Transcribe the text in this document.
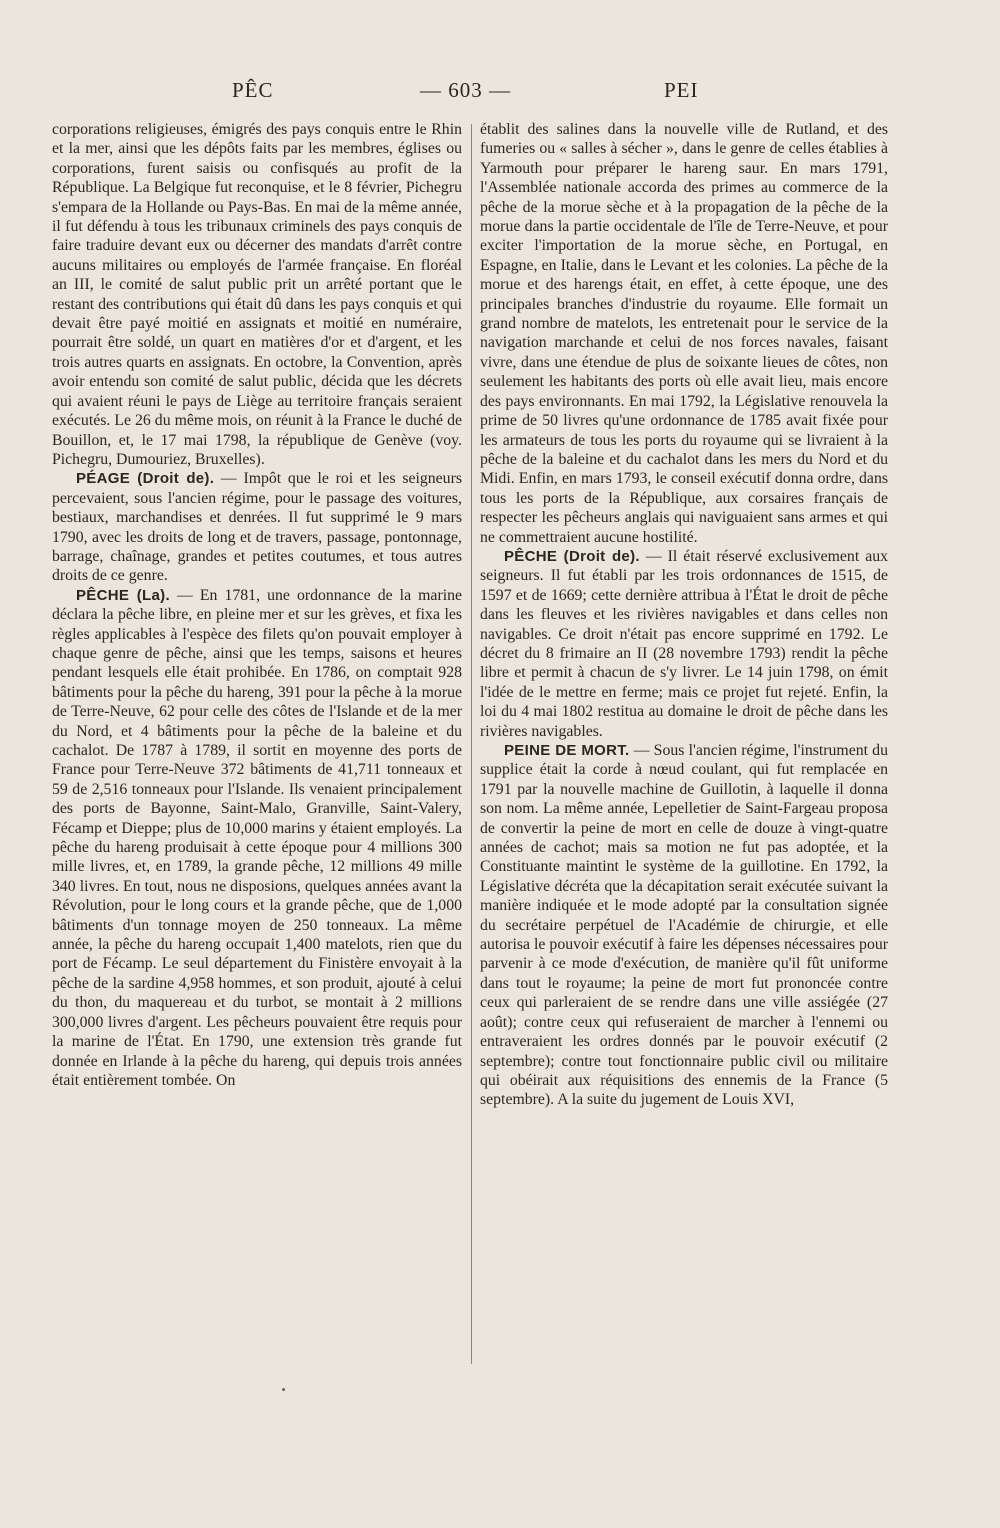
PÊC	— 603 —	PEI

corporations religieuses, émigrés des pays conquis entre le Rhin et la mer, ainsi que les dépôts faits par les membres, églises ou corporations, furent saisis ou confisqués au profit de la République. La Belgique fut reconquise, et le 8 février, Pichegru s'empara de la Hollande ou Pays-Bas. En mai de la même année, il fut défendu à tous les tribunaux criminels des pays conquis de faire traduire devant eux ou décerner des mandats d'arrêt contre aucuns militaires ou employés de l'armée française. En floréal an III, le comité de salut public prit un arrêté portant que le restant des contributions qui était dû dans les pays conquis et qui devait être payé moitié en assignats et moitié en numéraire, pourrait être soldé, un quart en matières d'or et d'argent, et les trois autres quarts en assignats. En octobre, la Convention, après avoir entendu son comité de salut public, décida que les décrets qui avaient réuni le pays de Liège au territoire français seraient exécutés. Le 26 du même mois, on réunit à la France le duché de Bouillon, et, le 17 mai 1798, la république de Genève (voy. Pichegru, Dumouriez, Bruxelles).

PÉAGE (Droit de). — Impôt que le roi et les seigneurs percevaient, sous l'ancien régime, pour le passage des voitures, bestiaux, marchandises et denrées. Il fut supprimé le 9 mars 1790, avec les droits de long et de travers, passage, pontonnage, barrage, chaînage, grandes et petites coutumes, et tous autres droits de ce genre.

PÊCHE (La). — En 1781, une ordonnance de la marine déclara la pêche libre, en pleine mer et sur les grèves, et fixa les règles applicables à l'espèce des filets qu'on pouvait employer à chaque genre de pêche, ainsi que les temps, saisons et heures pendant lesquels elle était prohibée. En 1786, on comptait 928 bâtiments pour la pêche du hareng, 391 pour la pêche à la morue de Terre-Neuve, 62 pour celle des côtes de l'Islande et de la mer du Nord, et 4 bâtiments pour la pêche de la baleine et du cachalot. De 1787 à 1789, il sortit en moyenne des ports de France pour Terre-Neuve 372 bâtiments de 41,711 tonneaux et 59 de 2,516 tonneaux pour l'Islande. Ils venaient principalement des ports de Bayonne, Saint-Malo, Granville, Saint-Valery, Fécamp et Dieppe; plus de 10,000 marins y étaient employés. La pêche du hareng produisait à cette époque pour 4 millions 300 mille livres, et, en 1789, la grande pêche, 12 millions 49 mille 340 livres. En tout, nous ne disposions, quelques années avant la Révolution, pour le long cours et la grande pêche, que de 1,000 bâtiments d'un tonnage moyen de 250 tonneaux. La même année, la pêche du hareng occupait 1,400 matelots, rien que du port de Fécamp. Le seul département du Finistère envoyait à la pêche de la sardine 4,958 hommes, et son produit, ajouté à celui du thon, du maquereau et du turbot, se montait à 2 millions 300,000 livres d'argent. Les pêcheurs pouvaient être requis pour la marine de l'État. En 1790, une extension très grande fut donnée en Irlande à la pêche du hareng, qui depuis trois années était entièrement tombée. On

établit des salines dans la nouvelle ville de Rutland, et des fumeries ou « salles à sécher », dans le genre de celles établies à Yarmouth pour préparer le hareng saur. En mars 1791, l'Assemblée nationale accorda des primes au commerce de la pêche de la morue sèche et à la propagation de la pêche de la morue dans la partie occidentale de l'île de Terre-Neuve, et pour exciter l'importation de la morue sèche, en Portugal, en Espagne, en Italie, dans le Levant et les colonies. La pêche de la morue et des harengs était, en effet, à cette époque, une des principales branches d'industrie du royaume. Elle formait un grand nombre de matelots, les entretenait pour le service de la navigation marchande et celui de nos forces navales, faisant vivre, dans une étendue de plus de soixante lieues de côtes, non seulement les habitants des ports où elle avait lieu, mais encore des pays environnants. En mai 1792, la Législative renouvela la prime de 50 livres qu'une ordonnance de 1785 avait fixée pour les armateurs de tous les ports du royaume qui se livraient à la pêche de la baleine et du cachalot dans les mers du Nord et du Midi. Enfin, en mars 1793, le conseil exécutif donna ordre, dans tous les ports de la République, aux corsaires français de respecter les pêcheurs anglais qui naviguaient sans armes et qui ne commettraient aucune hostilité.

PÊCHE (Droit de). — Il était réservé exclusivement aux seigneurs. Il fut établi par les trois ordonnances de 1515, de 1597 et de 1669; cette dernière attribua à l'État le droit de pêche dans les fleuves et les rivières navigables et dans celles non navigables. Ce droit n'était pas encore supprimé en 1792. Le décret du 8 frimaire an II (28 novembre 1793) rendit la pêche libre et permit à chacun de s'y livrer. Le 14 juin 1798, on émit l'idée de le mettre en ferme; mais ce projet fut rejeté. Enfin, la loi du 4 mai 1802 restitua au domaine le droit de pêche dans les rivières navigables.

PEINE DE MORT. — Sous l'ancien régime, l'instrument du supplice était la corde à nœud coulant, qui fut remplacée en 1791 par la nouvelle machine de Guillotin, à laquelle il donna son nom. La même année, Lepelletier de Saint-Fargeau proposa de convertir la peine de mort en celle de douze à vingt-quatre années de cachot; mais sa motion ne fut pas adoptée, et la Constituante maintint le système de la guillotine. En 1792, la Législative décréta que la décapitation serait exécutée suivant la manière indiquée et le mode adopté par la consultation signée du secrétaire perpétuel de l'Académie de chirurgie, et elle autorisa le pouvoir exécutif à faire les dépenses nécessaires pour parvenir à ce mode d'exécution, de manière qu'il fût uniforme dans tout le royaume; la peine de mort fut prononcée contre ceux qui parleraient de se rendre dans une ville assiégée (27 août); contre ceux qui refuseraient de marcher à l'ennemi ou entraveraient les ordres donnés par le pouvoir exécutif (2 septembre); contre tout fonctionnaire public civil ou militaire qui obéirait aux réquisitions des ennemis de la France (5 septembre). A la suite du jugement de Louis XVI,
